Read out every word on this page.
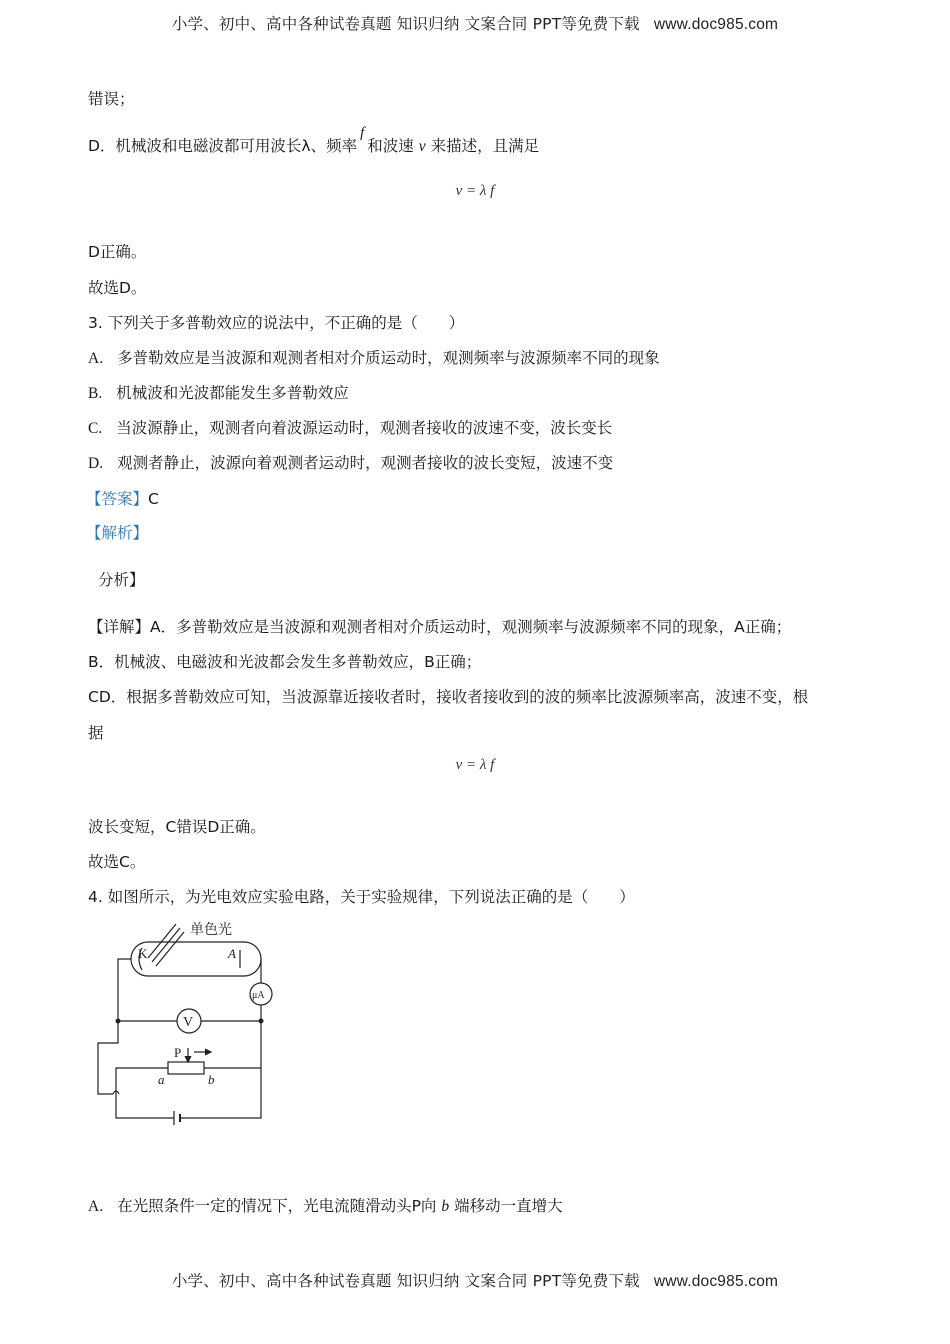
小学、初中、高中各种试卷真题 知识归纳 文案合同 PPT等免费下载 www.doc985.com
错误；
D．机械波和电磁波都可用波长λ、频率f和波速 v 来描述，且满足
v = λ f
D正确。
故选D。
3. 下列关于多普勒效应的说法中，不正确的是（　　）
A. 多普勒效应是当波源和观测者相对介质运动时，观测频率与波源频率不同的现象
B. 机械波和光波都能发生多普勒效应
C. 当波源静止，观测者向着波源运动时，观测者接收的波速不变，波长变长
D. 观测者静止，波源向着观测者运动时，观测者接收的波长变短，波速不变
【答案】C
【解析】
分析】
【详解】A．多普勒效应是当波源和观测者相对介质运动时，观测频率与波源频率不同的现象，A正确；
B．机械波、电磁波和光波都会发生多普勒效应，B正确；
CD．根据多普勒效应可知，当波源靠近接收者时，接收者接收到的波的频率比波源频率高，波速不变，根
据
v = λ f
波长变短，C错误D正确。
故选C。
4. 如图所示，为光电效应实验电路，关于实验规律，下列说法正确的是（　　）
单色光
K	A
μA
V
P
a	b
A. 在光照条件一定的情况下，光电流随滑动头P向 b 端移动一直增大
小学、初中、高中各种试卷真题 知识归纳 文案合同 PPT等免费下载 www.doc985.com
